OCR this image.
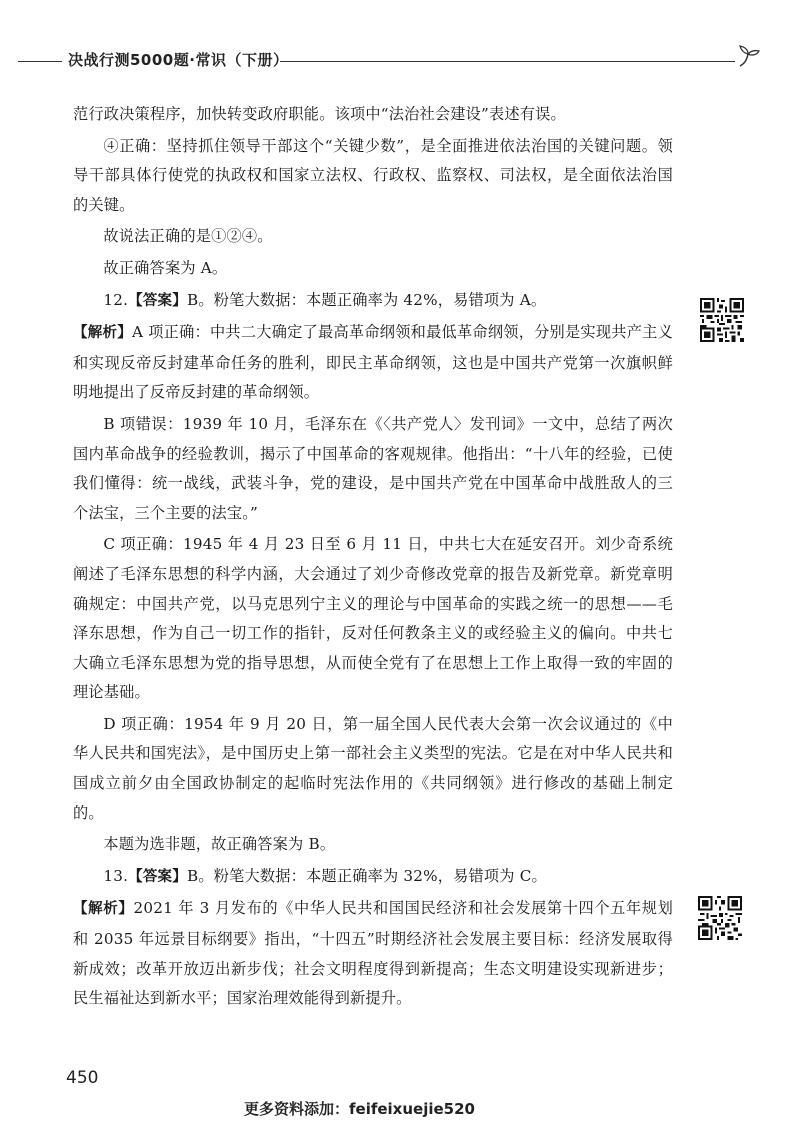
决战行测5000题·常识（下册）

范行政决策程序，加快转变政府职能。该项中“法治社会建设”表述有误。

④正确：坚持抓住领导干部这个“关键少数”，是全面推进依法治国的关键问题。领导干部具体行使党的执政权和国家立法权、行政权、监察权、司法权，是全面依法治国的关键。

故说法正确的是①②④。

故正确答案为 A。

12.【答案】B。粉笔大数据：本题正确率为 42%，易错项为 A。

【解析】A 项正确：中共二大确定了最高革命纲领和最低革命纲领，分别是实现共产主义和实现反帝反封建革命任务的胜利，即民主革命纲领，这也是中国共产党第一次旗帜鲜明地提出了反帝反封建的革命纲领。

B 项错误：1939 年 10 月，毛泽东在《〈共产党人〉发刊词》一文中，总结了两次国内革命战争的经验教训，揭示了中国革命的客观规律。他指出：“十八年的经验，已使我们懂得：统一战线，武装斗争，党的建设，是中国共产党在中国革命中战胜敌人的三个法宝，三个主要的法宝。”

C 项正确：1945 年 4 月 23 日至 6 月 11 日，中共七大在延安召开。刘少奇系统阐述了毛泽东思想的科学内涵，大会通过了刘少奇修改党章的报告及新党章。新党章明确规定：中国共产党，以马克思列宁主义的理论与中国革命的实践之统一的思想——毛泽东思想，作为自己一切工作的指针，反对任何教条主义的或经验主义的偏向。中共七大确立毛泽东思想为党的指导思想，从而使全党有了在思想上工作上取得一致的牢固的理论基础。

D 项正确：1954 年 9 月 20 日，第一届全国人民代表大会第一次会议通过的《中华人民共和国宪法》，是中国历史上第一部社会主义类型的宪法。它是在对中华人民共和国成立前夕由全国政协制定的起临时宪法作用的《共同纲领》进行修改的基础上制定的。

本题为选非题，故正确答案为 B。

13.【答案】B。粉笔大数据：本题正确率为 32%，易错项为 C。

【解析】2021 年 3 月发布的《中华人民共和国国民经济和社会发展第十四个五年规划和 2035 年远景目标纲要》指出，“十四五”时期经济社会发展主要目标：经济发展取得新成效；改革开放迈出新步伐；社会文明程度得到新提高；生态文明建设实现新进步；民生福祉达到新水平；国家治理效能得到新提升。

450
更多资料添加：feifeixuejie520
